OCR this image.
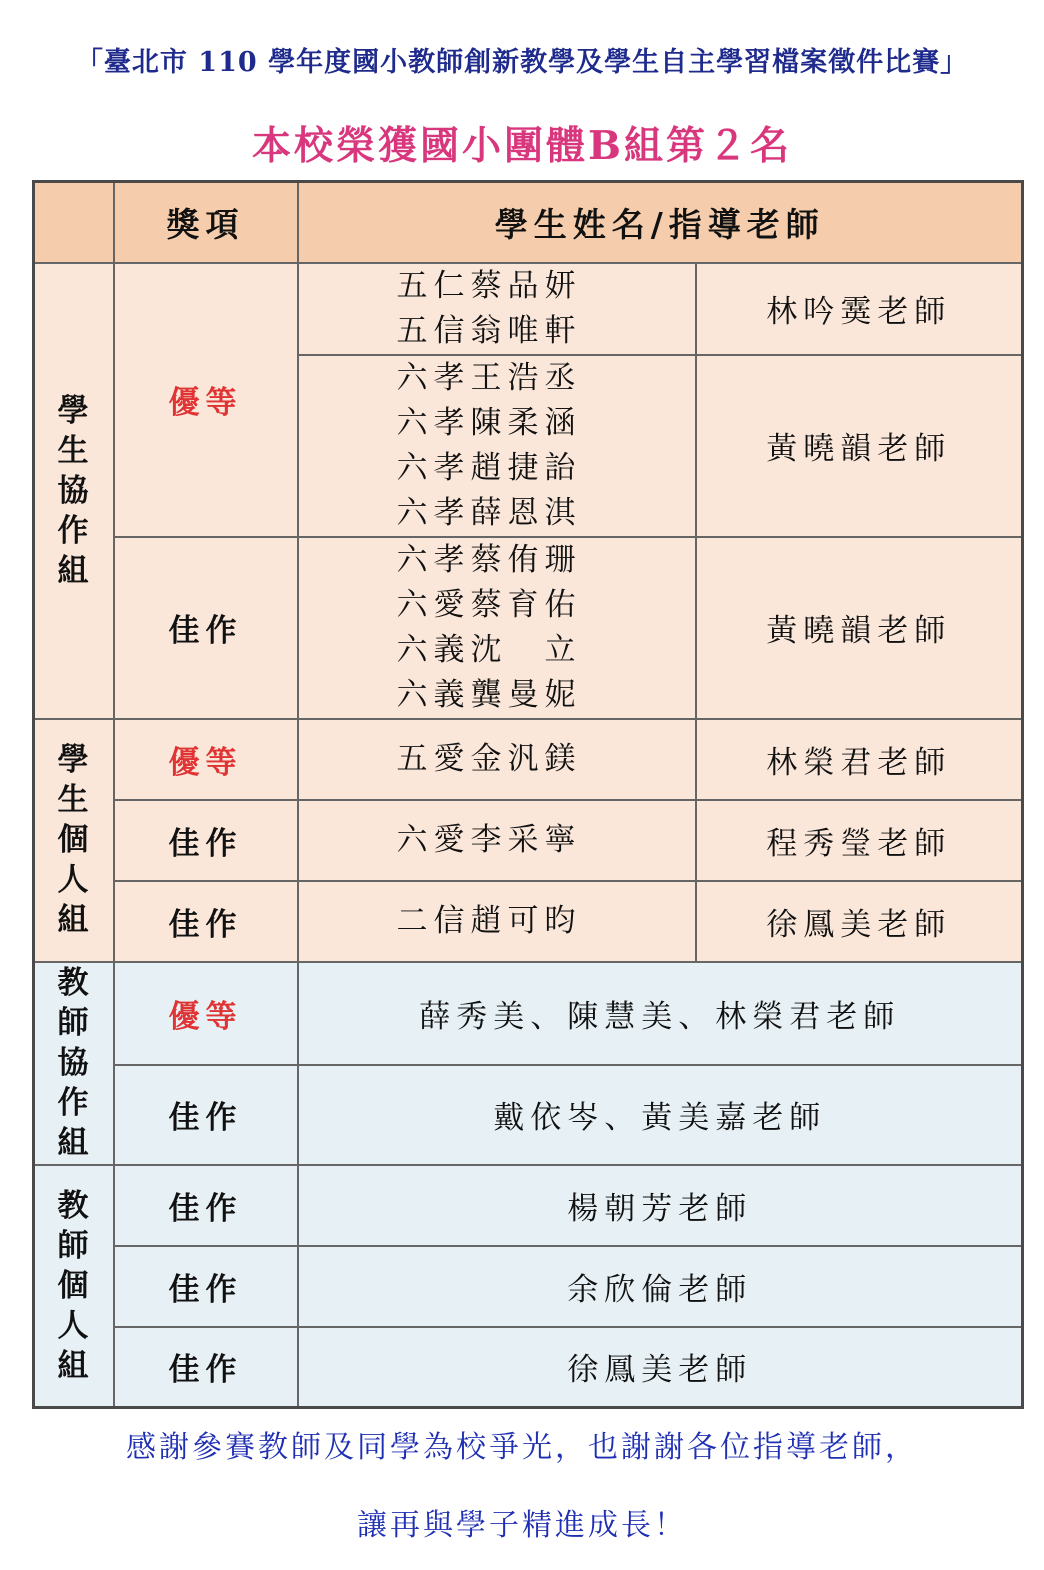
「臺北市 110 學年度國小教師創新教學及學生自主學習檔案徵件比賽」
本校榮獲國小團體B組第２名
	獎項	學生姓名/指導老師	

學生協作組	優等	五仁蔡品妍
五信翁唯軒	林吟霙老師

		六孝王浩丞
六孝陳柔涵
六孝趙捷詒
六孝薛恩淇	黃曉韻老師
	佳作	六孝蔡侑珊
六愛蔡育佑
六義沈　立
六義龔曼妮	黃曉韻老師

學生個人組	優等	五愛金汎鎂	林榮君老師
	佳作	六愛李采寧	程秀瑩老師
	佳作	二信趙可昀	徐鳳美老師

教師協作組	優等	薛秀美、陳慧美、林榮君老師	
	佳作	戴依岑、黃美嘉老師	

教師個人組	佳作	楊朝芳老師	
	佳作	余欣倫老師	
	佳作	徐鳳美老師	
感謝參賽教師及同學為校爭光，也謝謝各位指導老師，
讓再與學子精進成長！
